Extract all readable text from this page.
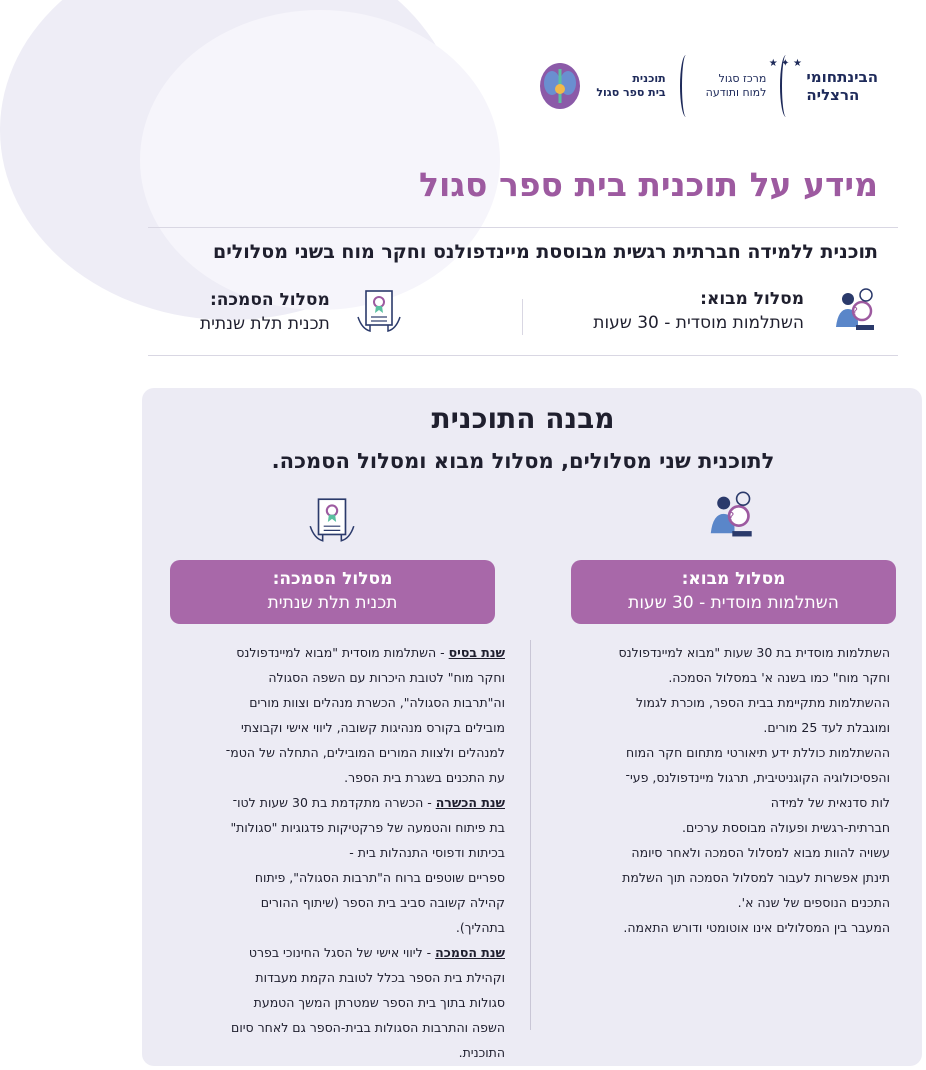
★ ✦ ★
הבינתחומי
הרצליה
מרכז סגול
למוח ותודעה
תוכנית
בית ספר סגול
מידע על תוכנית בית ספר סגול
תוכנית ללמידה חברתית רגשית מבוססת מיינדפולנס וחקר מוח בשני מסלולים
?
מסלול מבוא:
השתלמות מוסדית - 30 שעות
מסלול הסמכה:
תכנית תלת שנתית
מבנה התוכנית
לתוכנית שני מסלולים, מסלול מבוא ומסלול הסמכה.
?
מסלול מבוא:
השתלמות מוסדית - 30 שעות
מסלול הסמכה:
תכנית תלת שנתית
השתלמות מוסדית בת 30 שעות "מבוא למיינדפולנס
וחקר מוח" כמו בשנה א' במסלול הסמכה.
ההשתלמות מתקיימת בבית הספר, מוכרת לגמול
ומוגבלת לעד 25 מורים.
ההשתלמות כוללת ידע תיאורטי מתחום חקר המוח
והפסיכולוגיה הקוגניטיבית, תרגול מיינדפולנס, פעי־
לות סדנאית של למידה
חברתית-רגשית ופעולה מבוססת ערכים.
עשויה להוות מבוא למסלול הסמכה ולאחר סיומה
תינתן אפשרות לעבור למסלול הסמכה תוך השלמת
התכנים הנוספים של שנה א'.
המעבר בין המסלולים אינו אוטומטי ודורש התאמה.
שנת בסיס - השתלמות מוסדית "מבוא למיינדפולנס
וחקר מוח" לטובת היכרות עם השפה הסגולה
וה"תרבות הסגולה", הכשרת מנהלים וצוות מורים
מובילים בקורס מנהיגות קשובה, ליווי אישי וקבוצתי
למנהלים ולצוות המורים המובילים, התחלה של הטמ־
עת התכנים בשגרת בית הספר.
שנת הכשרה - הכשרה מתקדמת בת 30 שעות לטו־
בת פיתוח והטמעה של פרקטיקות פדגוגיות "סגולות"
בכיתות ודפוסי התנהלות בית -
ספריים שוטפים ברוח ה"תרבות הסגולה", פיתוח
קהילה קשובה סביב בית הספר (שיתוף ההורים
בתהליך).
שנת הסמכה - ליווי אישי של הסגל החינוכי בפרט
וקהילת בית הספר בכלל לטובת הקמת מעבדות
סגולות בתוך בית הספר שמטרתן המשך הטמעת
השפה והתרבות הסגולות בבית-הספר גם לאחר סיום
התוכנית.
